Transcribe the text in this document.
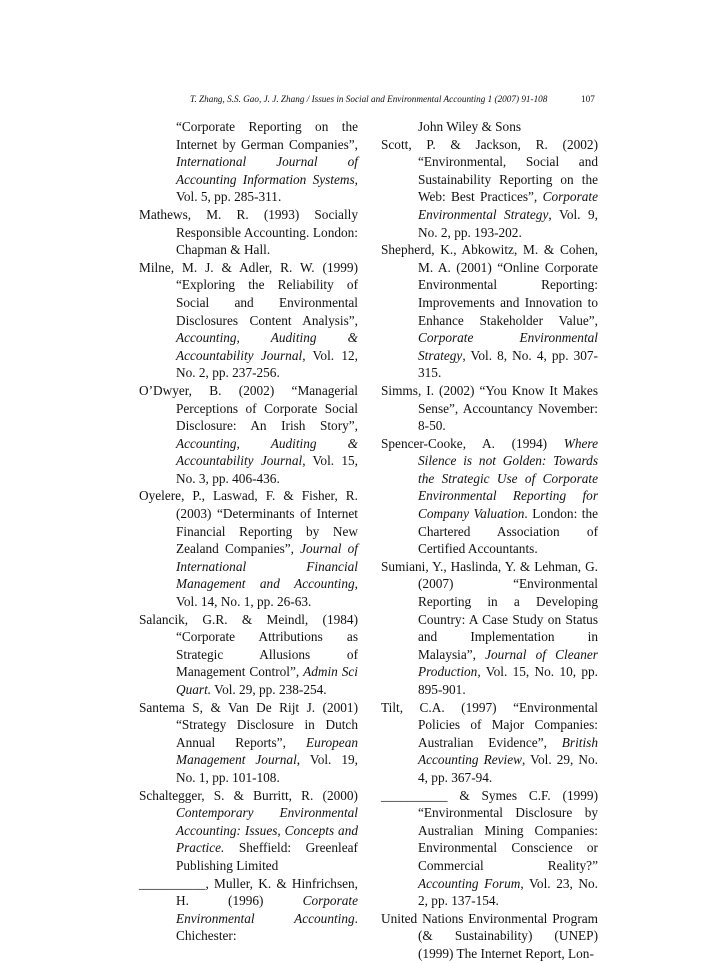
T. Zhang, S.S. Gao, J. J. Zhang / Issues in Social and Environmental Accounting 1 (2007) 91-108	107

“Corporate Reporting on the Internet by German Companies”, International Journal of Accounting Information Systems, Vol. 5, pp. 285-311.

Mathews, M. R. (1993) Socially Responsible Accounting. London: Chapman & Hall.

Milne, M. J. & Adler, R. W. (1999) “Exploring the Reliability of Social and Environmental Disclosures Content Analysis”, Accounting, Auditing & Accountability Journal, Vol. 12, No. 2, pp. 237-256.

O’Dwyer, B. (2002) “Managerial Perceptions of Corporate Social Disclosure: An Irish Story”, Accounting, Auditing & Accountability Journal, Vol. 15, No. 3, pp. 406-436.

Oyelere, P., Laswad, F. & Fisher, R. (2003) “Determinants of Internet Financial Reporting by New Zealand Companies”, Journal of International Financial Management and Accounting, Vol. 14, No. 1, pp. 26-63.

Salancik, G.R. & Meindl, (1984) “Corporate Attributions as Strategic Allusions of Management Control”, Admin Sci Quart. Vol. 29, pp. 238-254.

Santema S, & Van De Rijt J. (2001) “Strategy Disclosure in Dutch Annual Reports”, European Management Journal, Vol. 19, No. 1, pp. 101-108.

Schaltegger, S. & Burritt, R. (2000) Contemporary Environmental Accounting: Issues, Concepts and Practice. Sheffield: Greenleaf Publishing Limited

__________, Muller, K. & Hinfrichsen, H. (1996) Corporate Environmental Accounting. Chichester:

John Wiley & Sons

Scott, P. & Jackson, R. (2002) “Environmental, Social and Sustainability Reporting on the Web: Best Practices”, Corporate Environmental Strategy, Vol. 9, No. 2, pp. 193-202.

Shepherd, K., Abkowitz, M. & Cohen, M. A. (2001) “Online Corporate Environmental Reporting: Improvements and Innovation to Enhance Stakeholder Value”, Corporate Environmental Strategy, Vol. 8, No. 4, pp. 307-315.

Simms, I. (2002) “You Know It Makes Sense”, Accountancy November: 8-50.

Spencer-Cooke, A. (1994) Where Silence is not Golden: Towards the Strategic Use of Corporate Environmental Reporting for Company Valuation. London: the Chartered Association of Certified Accountants.

Sumiani, Y., Haslinda, Y. & Lehman, G. (2007) “Environmental Reporting in a Developing Country: A Case Study on Status and Implementation in Malaysia”, Journal of Cleaner Production, Vol. 15, No. 10, pp. 895-901.

Tilt, C.A. (1997) “Environmental Policies of Major Companies: Australian Evidence”, British Accounting Review, Vol. 29, No. 4, pp. 367-94.

__________ & Symes C.F. (1999) “Environmental Disclosure by Australian Mining Companies: Environmental Conscience or Commercial Reality?” Accounting Forum, Vol. 23, No. 2, pp. 137-154.

United Nations Environmental Program (& Sustainability) (UNEP) (1999) The Internet Report, Lon-
